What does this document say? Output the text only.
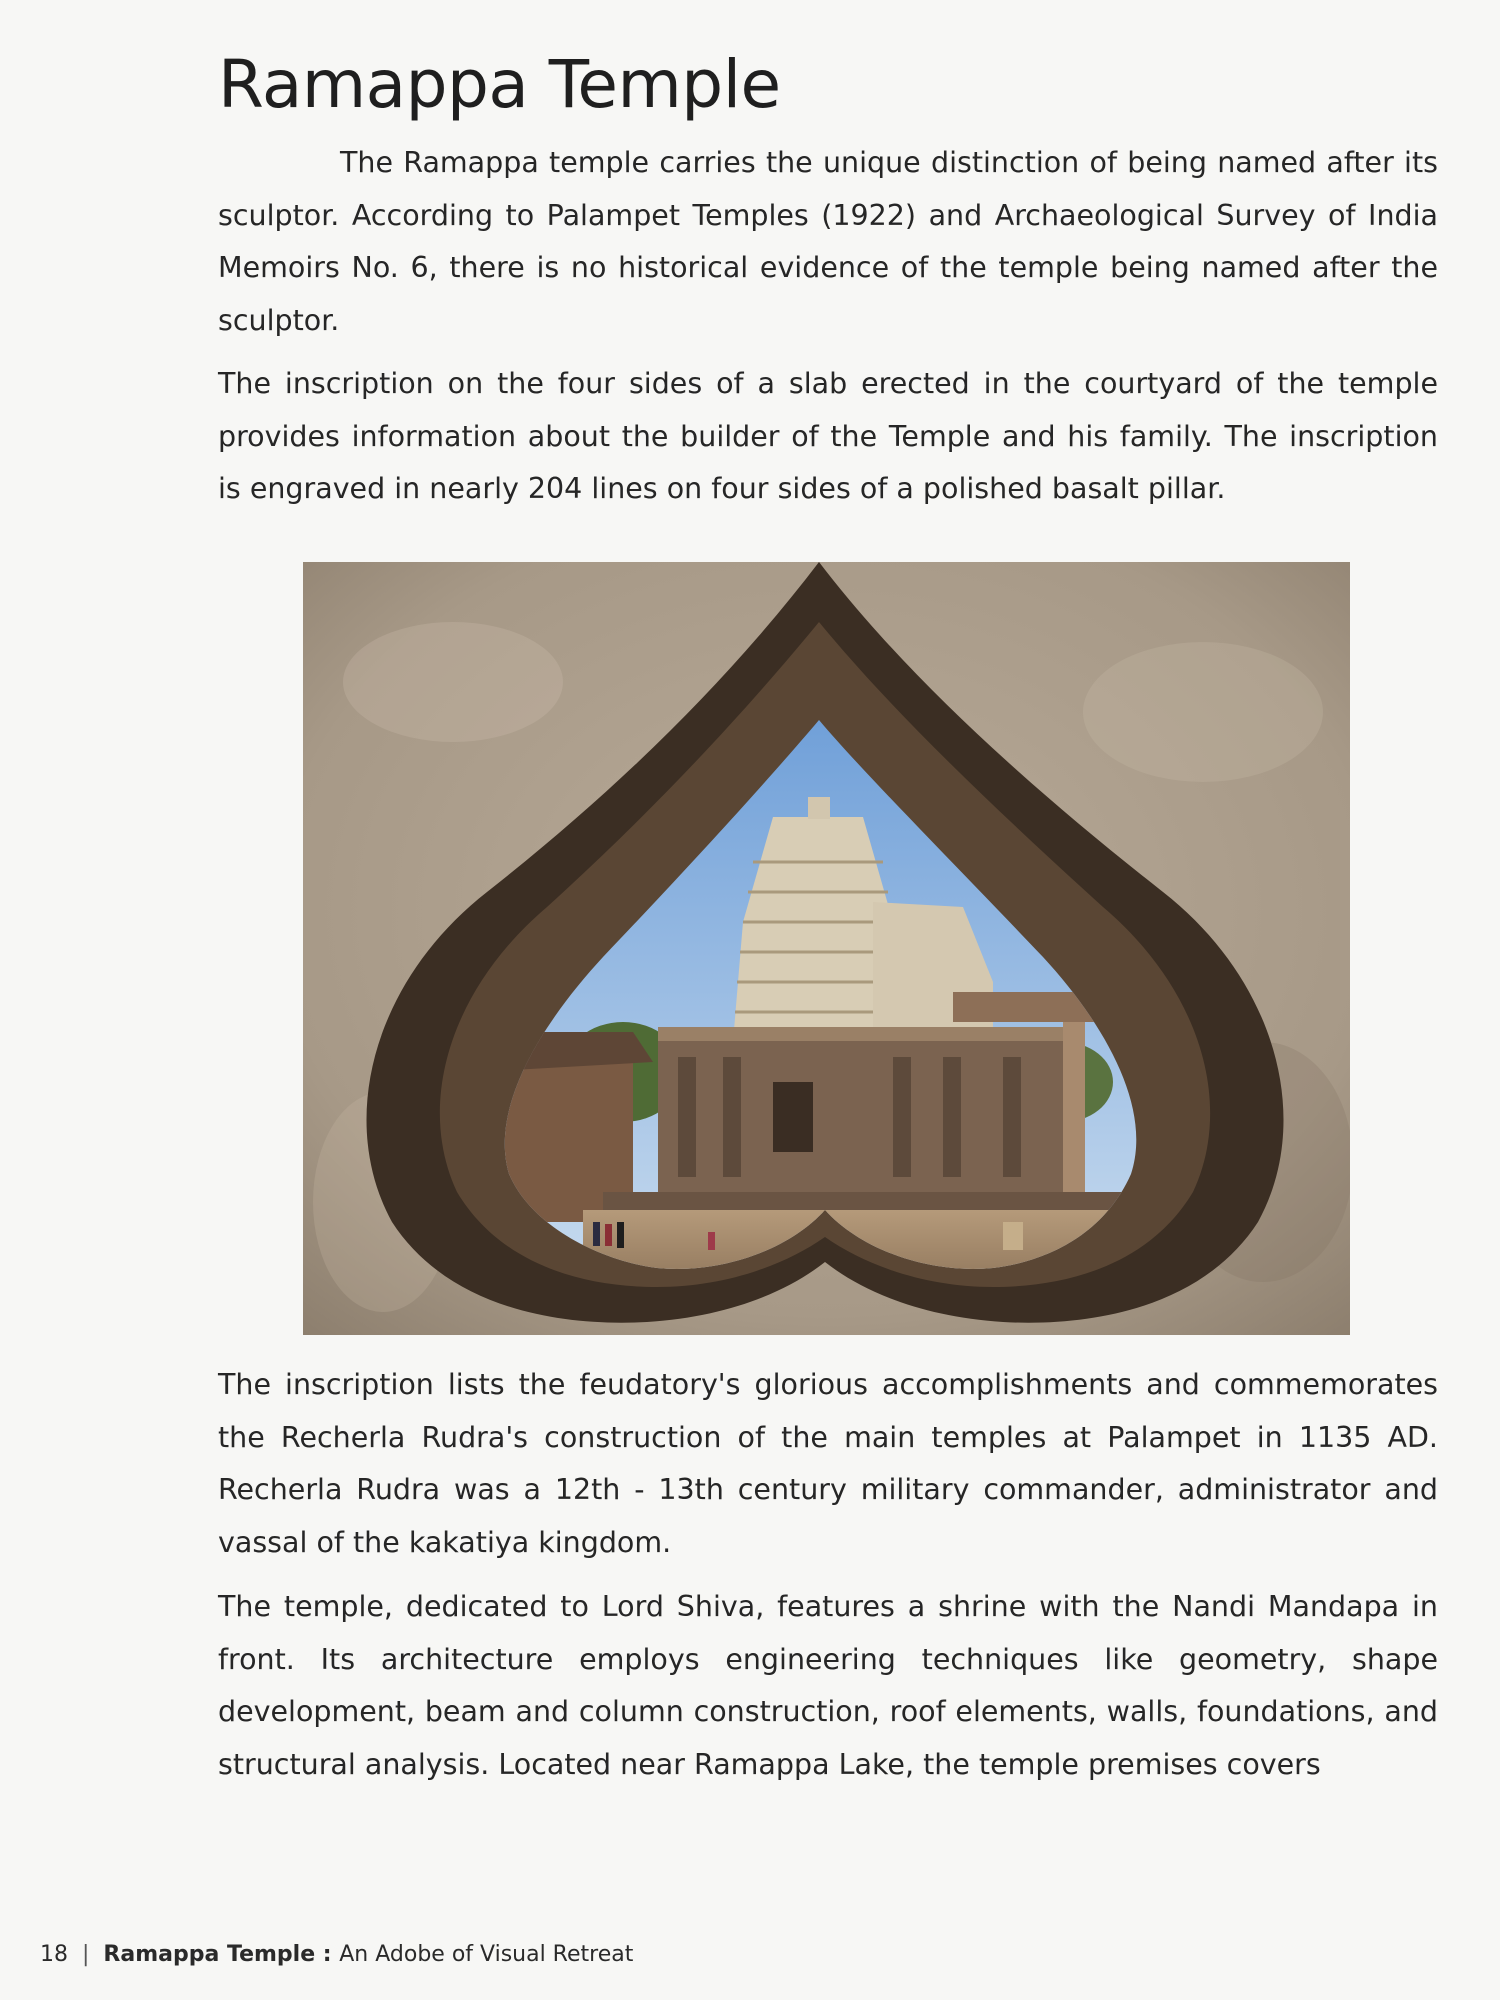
Ramappa Temple

The Ramappa temple carries the unique distinction of being named after its sculptor. According to Palampet Temples (1922) and Archaeological Survey of India Memoirs No. 6, there is no historical evidence of the temple being named after the sculptor.

The inscription on the four sides of a slab erected in the courtyard of the temple provides information about the builder of the Temple and his family. The inscription is engraved in nearly 204 lines on four sides of a polished basalt pillar.

The inscription lists the feudatory's glorious accomplishments and commemorates the Recherla Rudra's construction of the main temples at Palampet in 1135 AD. Recherla Rudra was a 12th - 13th century military commander, administrator and vassal of the kakatiya kingdom.

The temple, dedicated to Lord Shiva, features a shrine with the Nandi Mandapa in front. Its architecture employs engineering techniques like geometry, shape development, beam and column construction, roof elements, walls, foundations, and structural analysis. Located near Ramappa Lake, the temple premises covers

18 | Ramappa Temple : An Adobe of Visual Retreat
